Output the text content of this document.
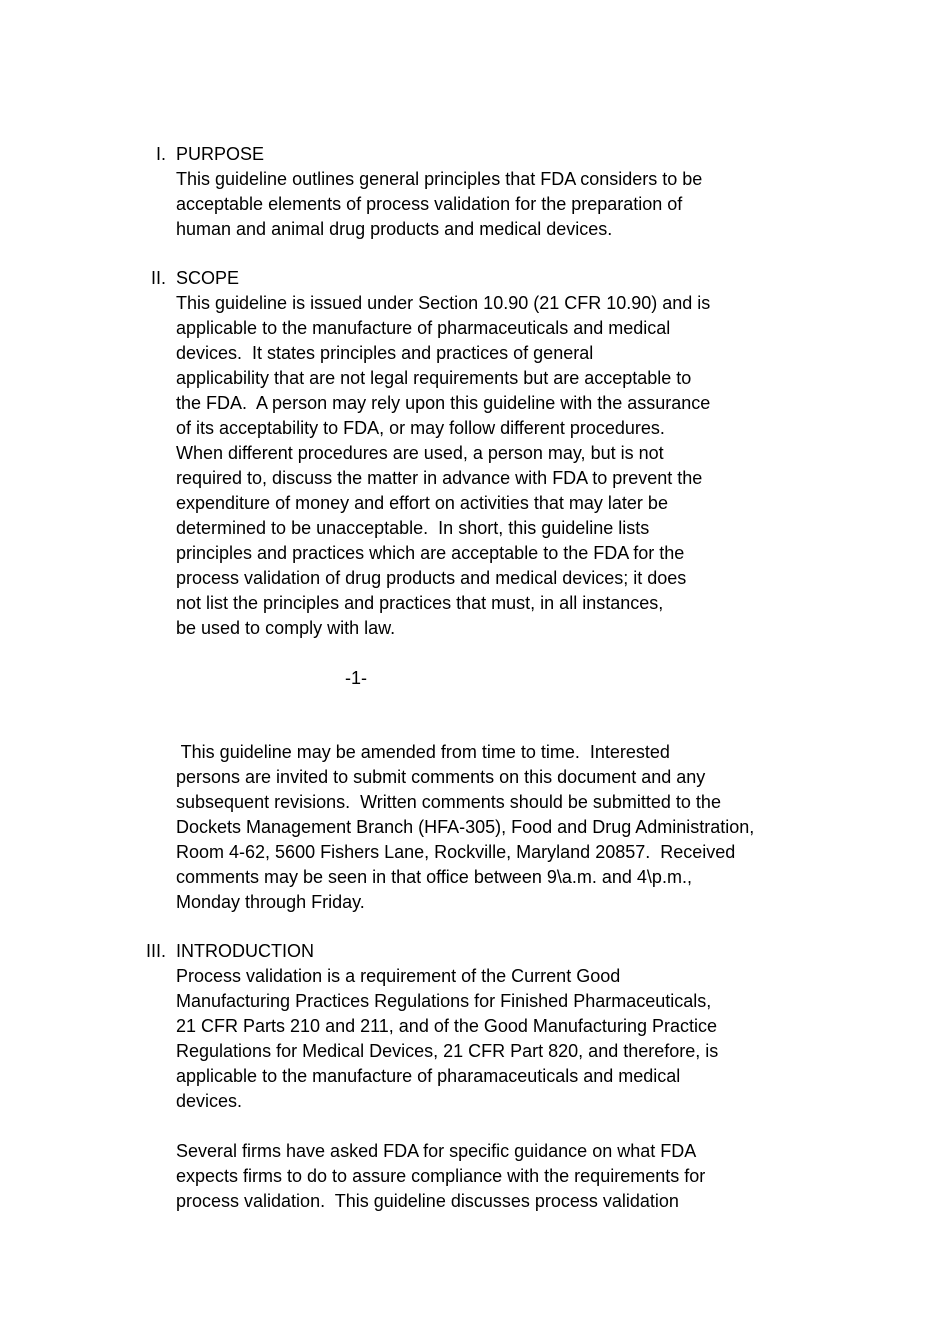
I. PURPOSE
This guideline outlines general principles that FDA considers to be
acceptable elements of process validation for the preparation of
human and animal drug products and medical devices.
II. SCOPE
This guideline is issued under Section 10.90 (21 CFR 10.90) and is
applicable to the manufacture of pharmaceuticals and medical
devices.  It states principles and practices of general
applicability that are not legal requirements but are acceptable to
the FDA.  A person may rely upon this guideline with the assurance
of its acceptability to FDA, or may follow different procedures.
When different procedures are used, a person may, but is not
required to, discuss the matter in advance with FDA to prevent the
expenditure of money and effort on activities that may later be
determined to be unacceptable.  In short, this guideline lists
principles and practices which are acceptable to the FDA for the
process validation of drug products and medical devices; it does
not list the principles and practices that must, in all instances,
be used to comply with law.
-1-
This guideline may be amended from time to time.  Interested
persons are invited to submit comments on this document and any
subsequent revisions.  Written comments should be submitted to the
Dockets Management Branch (HFA-305), Food and Drug Administration,
Room 4-62, 5600 Fishers Lane, Rockville, Maryland 20857.  Received
comments may be seen in that office between 9\a.m. and 4\p.m.,
Monday through Friday.
III. INTRODUCTION
Process validation is a requirement of the Current Good
Manufacturing Practices Regulations for Finished Pharmaceuticals,
21 CFR Parts 210 and 211, and of the Good Manufacturing Practice
Regulations for Medical Devices, 21 CFR Part 820, and therefore, is
applicable to the manufacture of pharamaceuticals and medical
devices.
Several firms have asked FDA for specific guidance on what FDA
expects firms to do to assure compliance with the requirements for
process validation.  This guideline discusses process validation
